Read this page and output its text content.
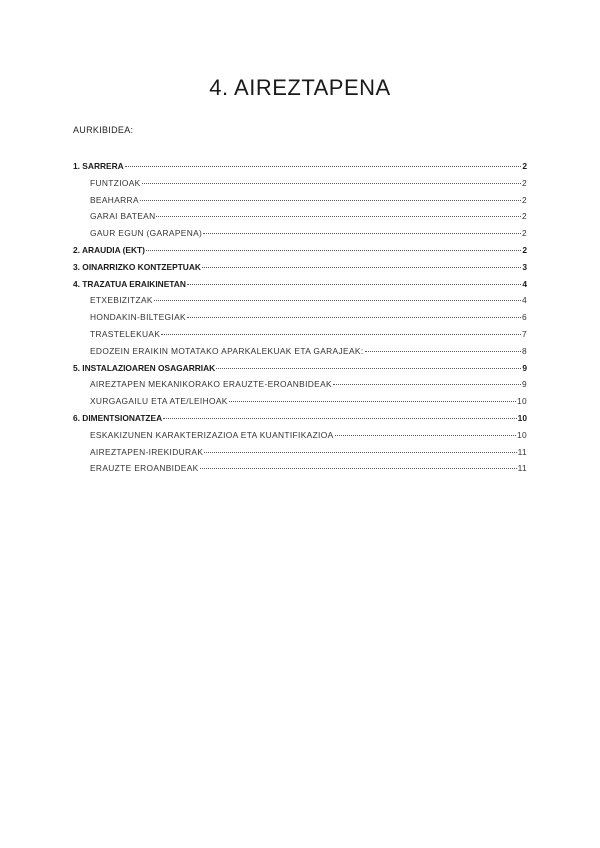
4. AIREZTAPENA
AURKIBIDEA:
1. SARRERA	2
FUNTZIOAK	2
BEAHARRA	2
GARAI BATEAN	2
GAUR EGUN (GARAPENA)	2
2. ARAUDIA (EKT)	2
3. OINARRIZKO KONTZEPTUAK	3
4. TRAZATUA ERAIKINETAN	4
ETXEBIZITZAK	4
HONDAKIN-BILTEGIAK	6
TRASTELEKUAK	7
EDOZEIN ERAIKIN MOTATAKO APARKALEKUAK ETA GARAJEAK:	8
5. INSTALAZIOAREN OSAGARRIAK	9
AIREZTAPEN MEKANIKORAKO ERAUZTE-EROANBIDEAK	9
XURGAGAILU ETA ATE/LEIHOAK	10
6. DIMENTSIONATZEA	10
ESKAKIZUNEN KARAKTERIZAZIOA ETA KUANTIFIKAZIOA	10
AIREZTAPEN-IREKIDURAK	11
ERAUZTE EROANBIDEAK	11
